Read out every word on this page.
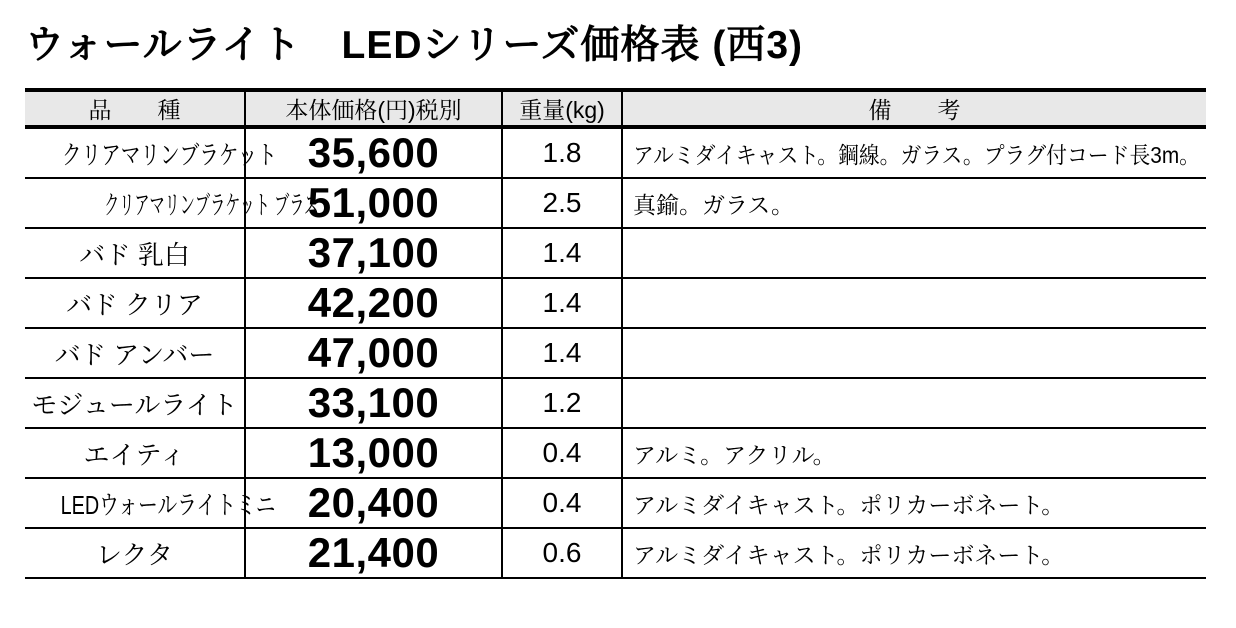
ウォールライト　LEDシリーズ価格表 (西3)
品　　種	本体価格(円)税別	重量(kg)	備　　考
クリアマリンブラケット	35,600	1.8	アルミダイキャスト。鋼線。ガラス。プラグ付コード長3m。
クリアマリンブラケット ブラス	51,000	2.5	真鍮。ガラス。
バド 乳白	37,100	1.4	
バド クリア	42,200	1.4	
バド アンバー	47,000	1.4	
モジュールライト	33,100	1.2	
エイティ	13,000	0.4	アルミ。アクリル。
LEDウォールライトミニ	20,400	0.4	アルミダイキャスト。ポリカーボネート。
レクタ	21,400	0.6	アルミダイキャスト。ポリカーボネート。
